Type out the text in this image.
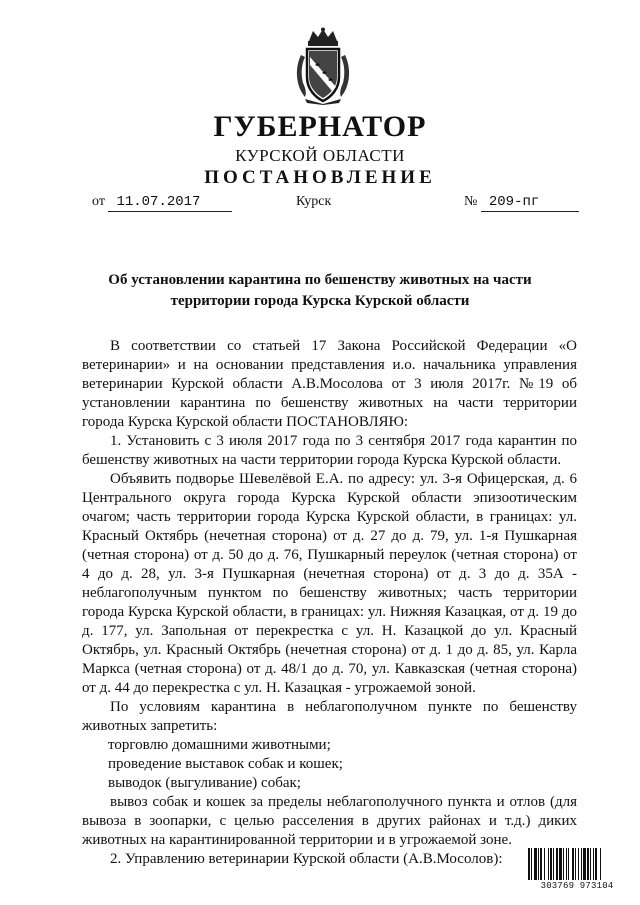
ГУБЕРНАТОР
КУРСКОЙ ОБЛАСТИ
ПОСТАНОВЛЕНИЕ
от 11.07.2017	Курск	№ 209-пг
Об установлении карантина по бешенству животных на части
территории города Курска Курской области

В соответствии со статьей 17 Закона Российской Федерации «О ветеринарии» и на основании представления и.о. начальника управления ветеринарии Курской области А.В.Мосолова от 3 июля 2017г. №19 об установлении карантина по бешенству животных на части территории города Курска Курской области ПОСТАНОВЛЯЮ:

1. Установить с 3 июля 2017 года по 3 сентября 2017 года карантин по бешенству животных на части территории города Курска Курской области.

Объявить подворье Шевелёвой Е.А. по адресу: ул. 3-я Офицерская, д. 6 Центрального округа города Курска Курской области эпизоотическим очагом; часть территории города Курска Курской области, в границах: ул. Красный Октябрь (нечетная сторона) от д. 27 до д. 79, ул. 1-я Пушкарная (четная сторона) от д. 50 до д. 76, Пушкарный переулок (четная сторона) от 4 до д. 28, ул. 3-я Пушкарная (нечетная сторона) от д. 3 до д. 35А - неблагополучным пунктом по бешенству животных; часть территории города Курска Курской области, в границах: ул. Нижняя Казацкая, от д. 19 до д. 177, ул. Запольная от перекрестка с ул. Н. Казацкой до ул. Красный Октябрь, ул. Красный Октябрь (нечетная сторона) от д. 1 до д. 85, ул. Карла Маркса (четная сторона) от д. 48/1 до д. 70, ул. Кавказская (четная сторона) от д. 44 до перекрестка с ул. Н. Казацкая - угрожаемой зоной.

По условиям карантина в неблагополучном пункте по бешенству животных запретить:

торговлю домашними животными;

проведение выставок собак и кошек;

выводок (выгуливание) собак;

вывоз собак и кошек за пределы неблагополучного пункта и отлов (для вывоза в зоопарки, с целью расселения в других районах и т.д.) диких животных на карантинированной территории и в угрожаемой зоне.

2. Управлению ветеринарии Курской области (А.В.Мосолов):

303769 973104
